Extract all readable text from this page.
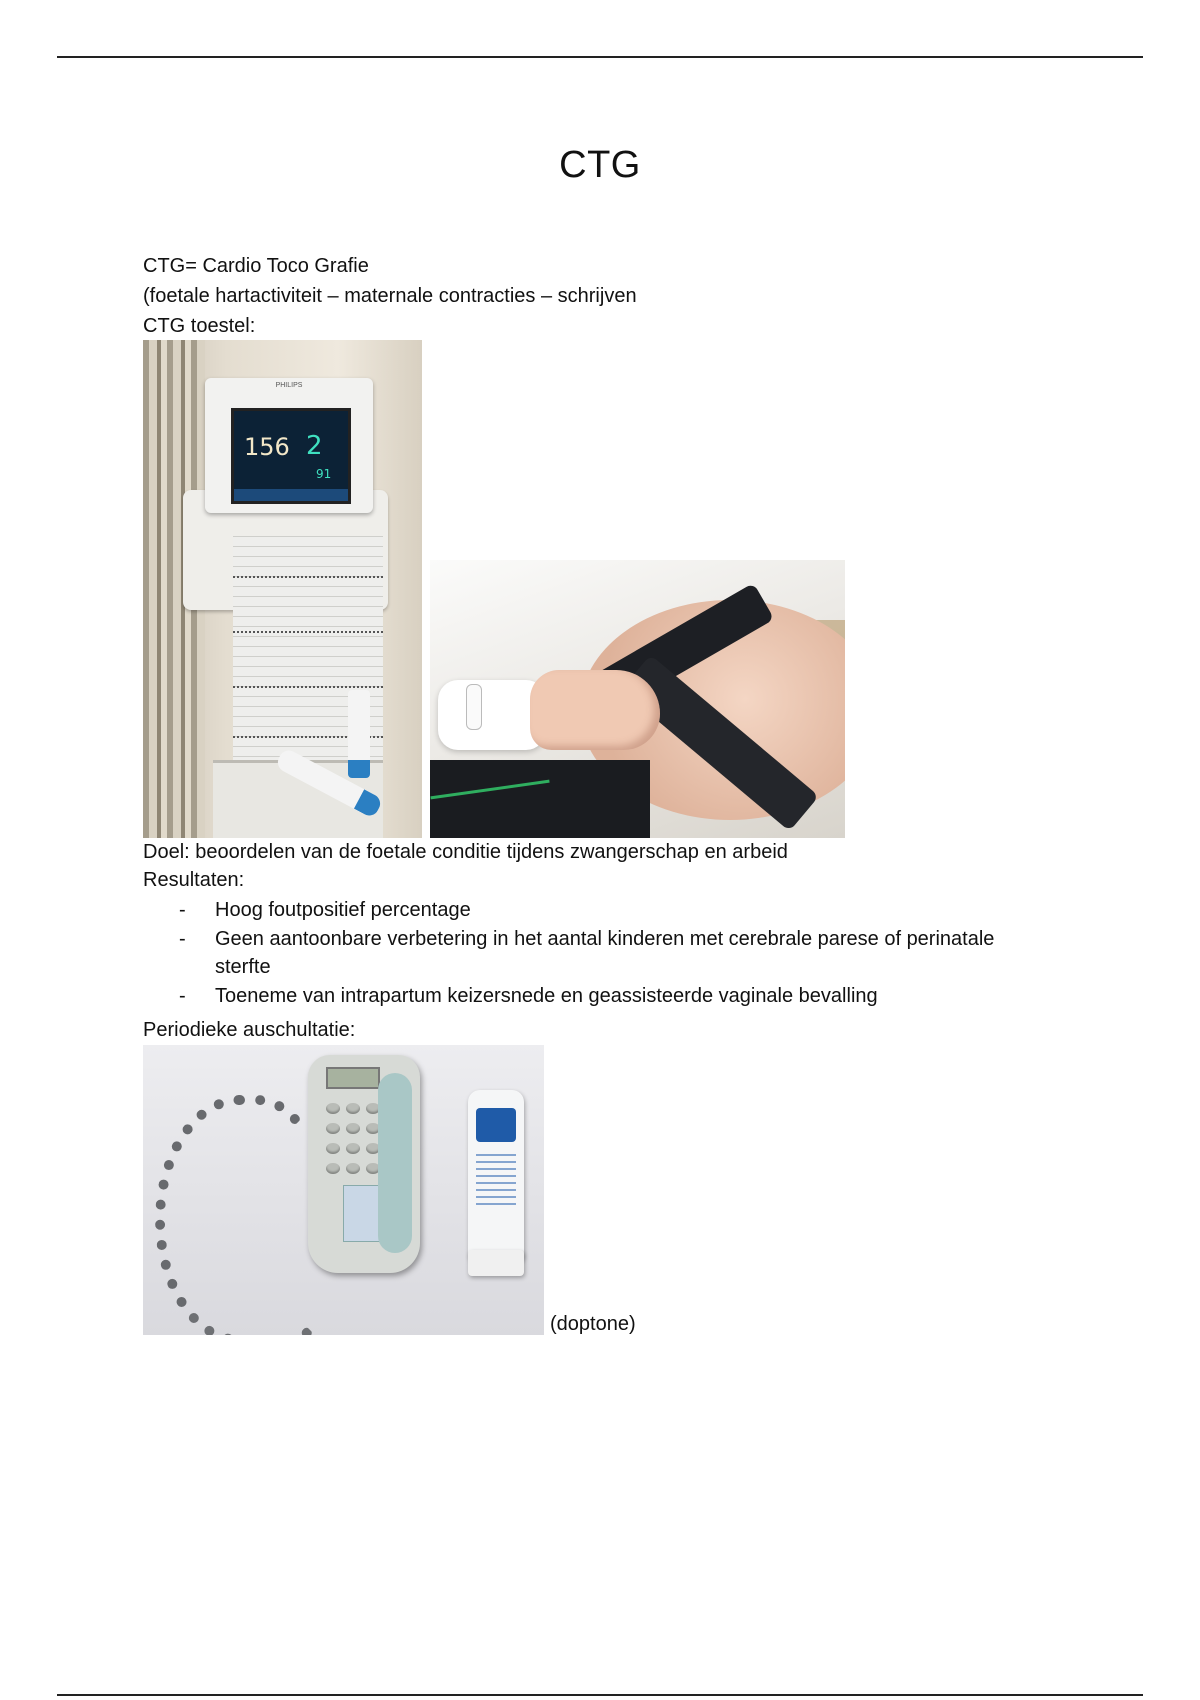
CTG
CTG= Cardio Toco Grafie
(foetale hartactiviteit – maternale contracties – schrijven
CTG toestel:
PHILIPS
156 2
91
Doel: beoordelen van de foetale conditie tijdens zwangerschap en arbeid
Resultaten:
- Hoog foutpositief percentage
- Geen aantoonbare verbetering in het aantal kinderen met cerebrale parese of perinatale sterfte
- Toeneme van intrapartum keizersnede en geassisteerde vaginale bevalling
Periodieke auschultatie:
(doptone)
